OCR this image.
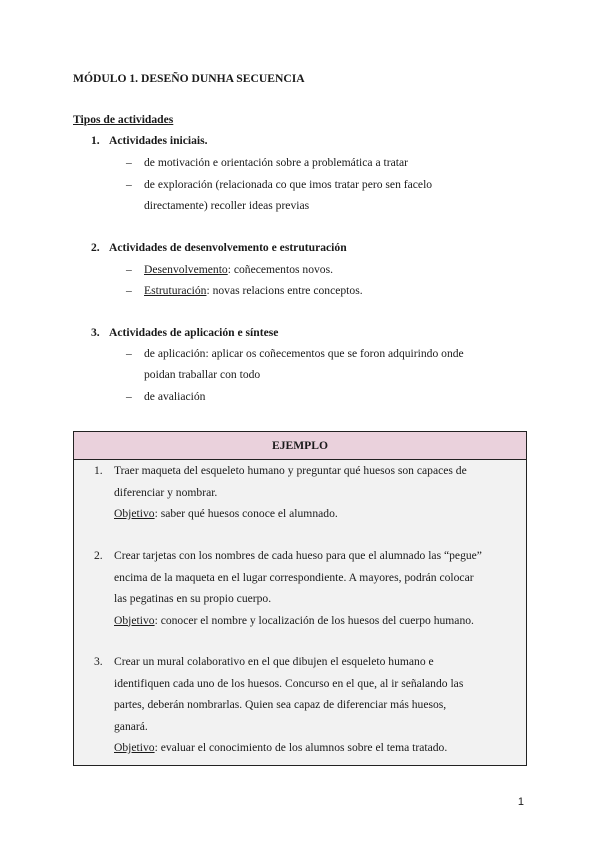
MÓDULO 1. DESEÑO DUNHA SECUENCIA
Tipos de actividades
1. Actividades iniciais.
– de motivación e orientación sobre a problemática a tratar
– de exploración (relacionada co que imos tratar pero sen facelo
directamente) recoller ideas previas
2. Actividades de desenvolvemento e estruturación
– Desenvolvemento: coñecementos novos.
– Estruturación: novas relacions entre conceptos.
3. Actividades de aplicación e síntese
– de aplicación: aplicar os coñecementos que se foron adquirindo onde
poidan traballar con todo
– de avaliación
EJEMPLO
1. Traer maqueta del esqueleto humano y preguntar qué huesos son capaces de
diferenciar y nombrar.
Objetivo: saber qué huesos conoce el alumnado.
2. Crear tarjetas con los nombres de cada hueso para que el alumnado las “pegue”
encima de la maqueta en el lugar correspondiente. A mayores, podrán colocar
las pegatinas en su propio cuerpo.
Objetivo: conocer el nombre y localización de los huesos del cuerpo humano.
3. Crear un mural colaborativo en el que dibujen el esqueleto humano e
identifiquen cada uno de los huesos. Concurso en el que, al ir señalando las
partes, deberán nombrarlas. Quien sea capaz de diferenciar más huesos,
ganará.
Objetivo: evaluar el conocimiento de los alumnos sobre el tema tratado.
1
